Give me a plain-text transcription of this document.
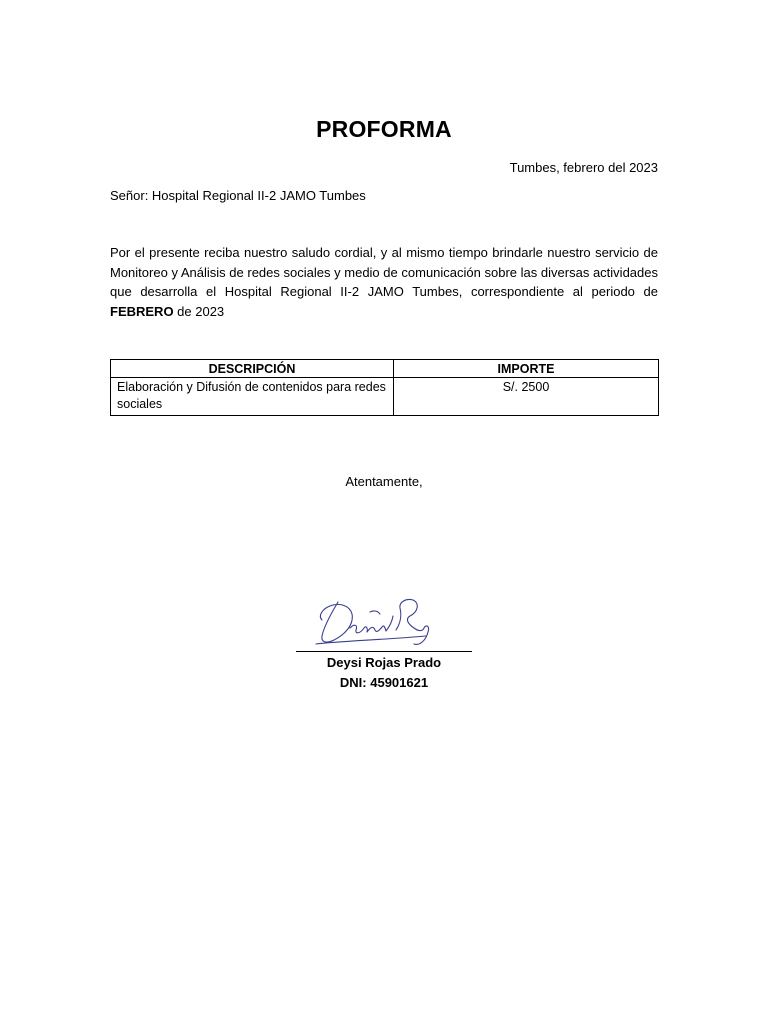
PROFORMA
Tumbes, febrero del 2023
Señor: Hospital Regional II-2 JAMO Tumbes
Por el presente reciba nuestro saludo cordial, y al mismo tiempo brindarle nuestro servicio de Monitoreo y Análisis de redes sociales y medio de comunicación sobre las diversas actividades que desarrolla el Hospital Regional II-2 JAMO Tumbes, correspondiente al periodo de FEBRERO de 2023
DESCRIPCIÓN	IMPORTE
Elaboración y Difusión de contenidos para redes sociales	S/. 2500
Atentamente,
Deysi Rojas Prado
DNI: 45901621
